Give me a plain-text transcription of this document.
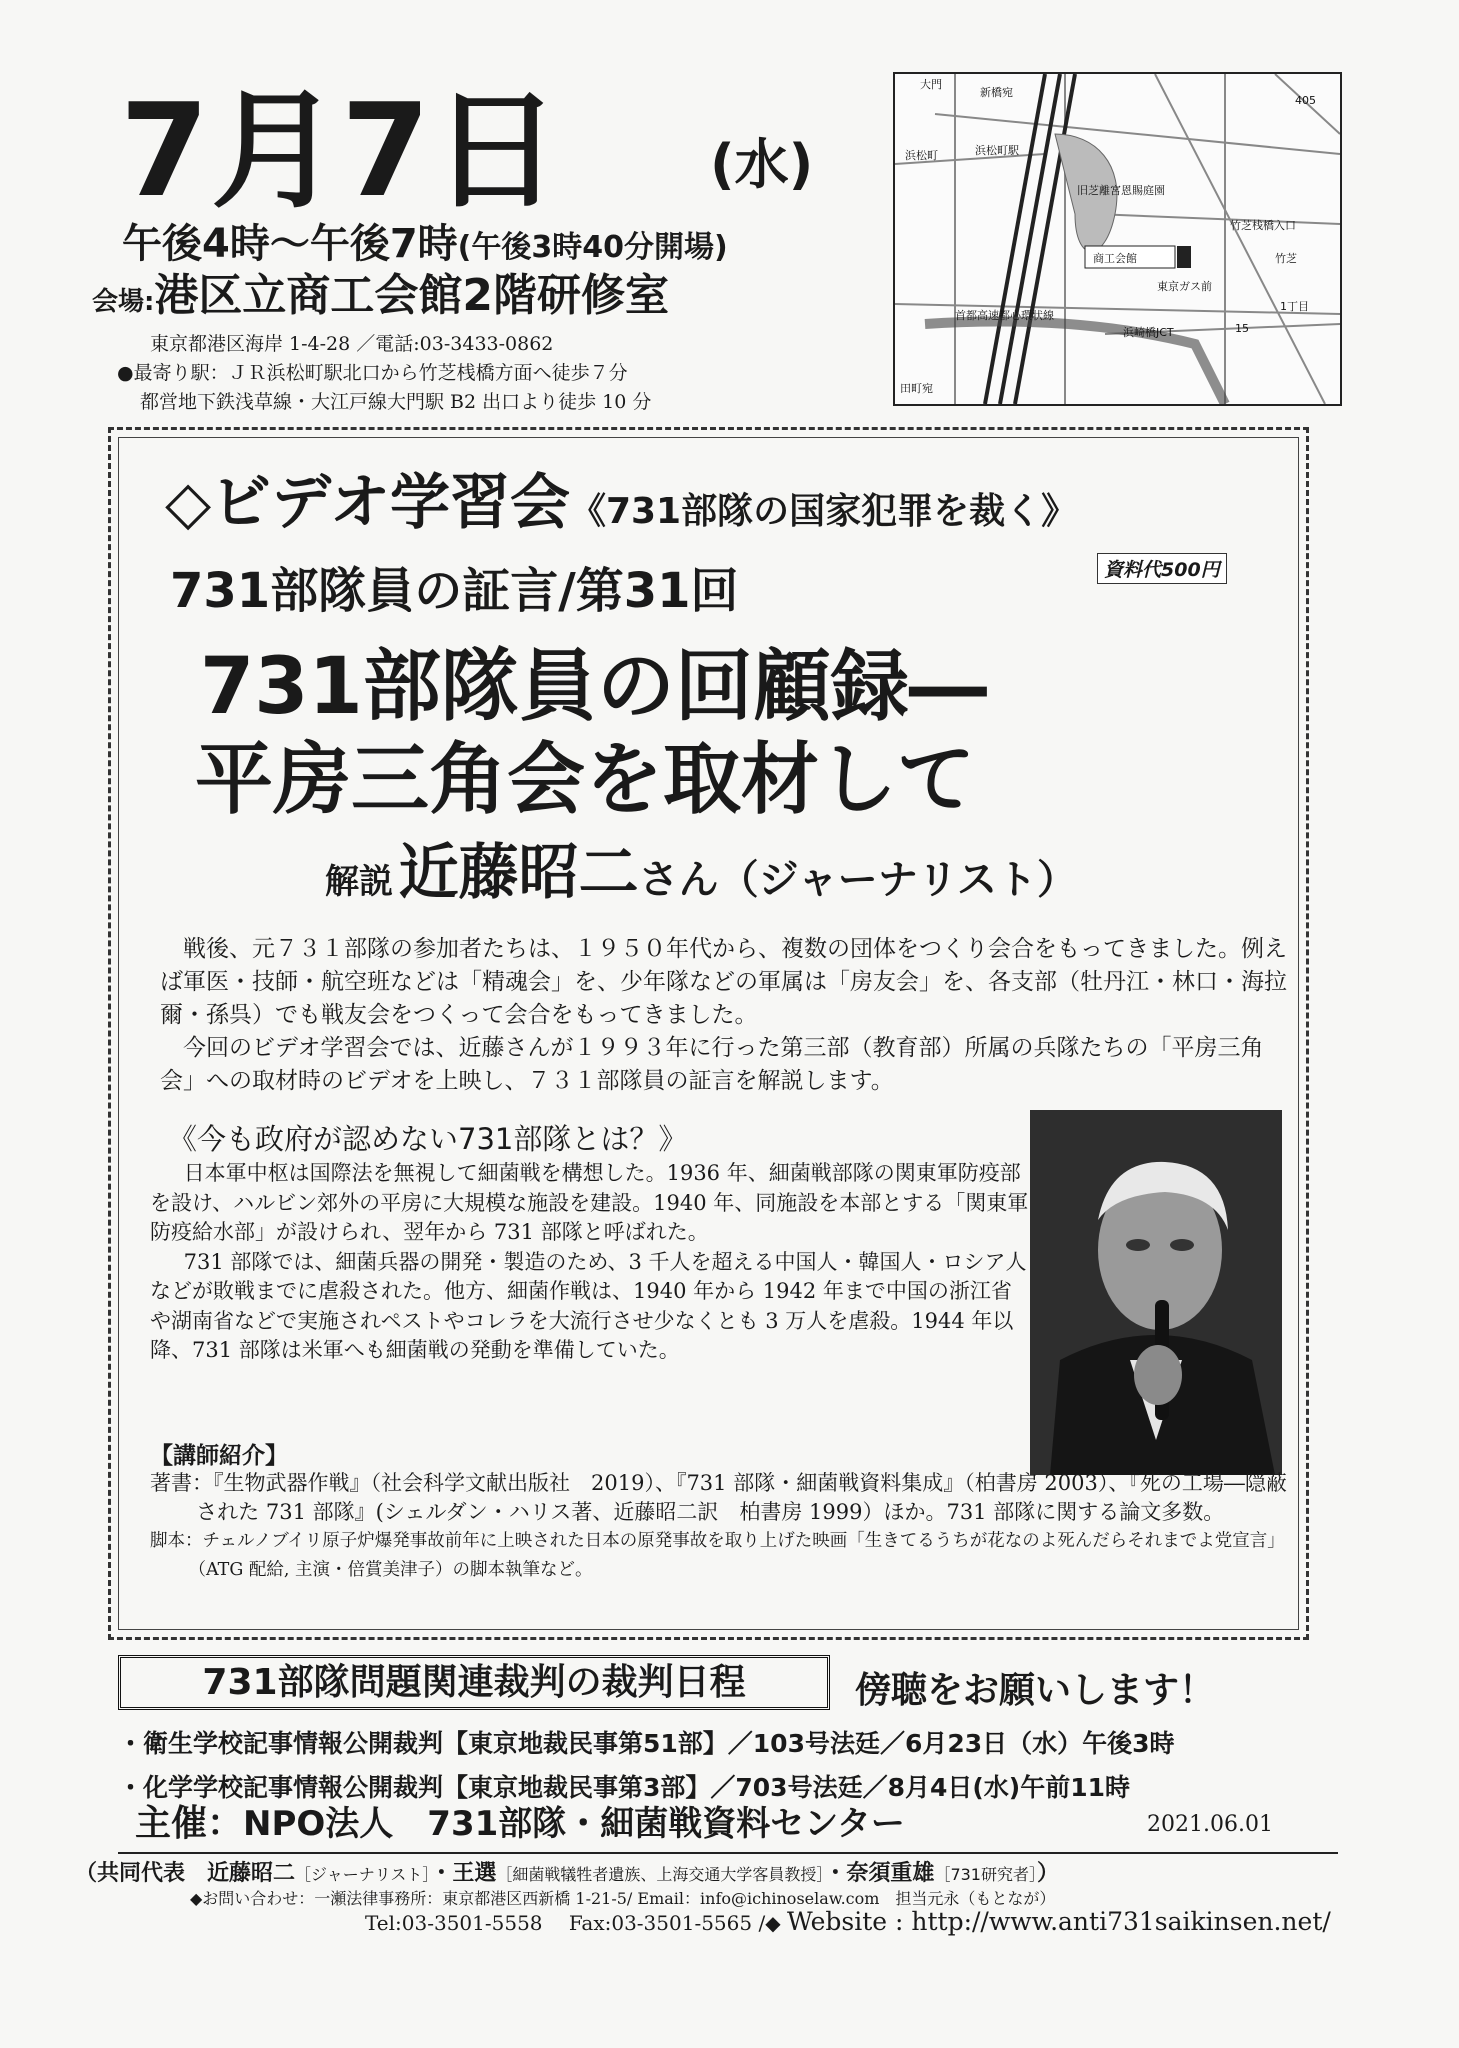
7月7日	(水)
午後4時～午後7時(午後3時40分開場)
会場:港区立商工会館2階研修室
東京都港区海岸 1-4-28 ／電話:03-3433-0862
●最寄り駅：ＪＲ浜松町駅北口から竹芝桟橋方面へ徒歩７分
都営地下鉄浅草線・大江戸線大門駅 B2 出口より徒歩 10 分
大門
新橋宛
浜松町	浜松町駅
旧芝離宮恩賜庭園
商工会館
竹芝栈橋入口
竹芝
東京ガス前
首都高速都心環状線
浜崎橋JCT
田町宛
1丁目
15
405
◇ビデオ学習会《731部隊の国家犯罪を裁く》
資料代500円
731部隊員の証言/第31回
731部隊員の回顧録―
平房三角会を取材して
解説 近藤昭二さん（ジャーナリスト）

戦後、元７３１部隊の参加者たちは、１９５０年代から、複数の団体をつくり会合をもってきました。例えば軍医・技師・航空班などは「精魂会」を、少年隊などの軍属は「房友会」を、各支部（牡丹江・林口・海拉爾・孫呉）でも戦友会をつくって会合をもってきました。

今回のビデオ学習会では、近藤さんが１９９３年に行った第三部（教育部）所属の兵隊たちの「平房三角会」への取材時のビデオを上映し、７３１部隊員の証言を解説します。

《今も政府が認めない731部隊とは？》

日本軍中枢は国際法を無視して細菌戦を構想した。1936 年、細菌戦部隊の関東軍防疫部を設け、ハルビン郊外の平房に大規模な施設を建設。1940 年、同施設を本部とする「関東軍防疫給水部」が設けられ、翌年から 731 部隊と呼ばれた。

731 部隊では、細菌兵器の開発・製造のため、3 千人を超える中国人・韓国人・ロシア人などが敗戦までに虐殺された。他方、細菌作戦は、1940 年から 1942 年まで中国の浙江省や湖南省などで実施されペストやコレラを大流行させ少なくとも 3 万人を虐殺。1944 年以降、731 部隊は米軍へも細菌戦の発動を準備していた。

【講師紹介】

著書：『生物武器作戦』（社会科学文献出版社　2019）、『731 部隊・細菌戦資料集成』（柏書房 2003）、『死の工場―隠蔽された 731 部隊』(シェルダン・ハリス著、近藤昭二訳　柏書房 1999）ほか。731 部隊に関する論文多数。

脚本：チェルノブイリ原子炉爆発事故前年に上映された日本の原発事故を取り上げた映画「生きてるうちが花なのよ死んだらそれまでよ党宣言」（ATG 配給, 主演・倍賞美津子）の脚本執筆など。

731部隊問題関連裁判の裁判日程	傍聴をお願いします！
・衛生学校記事情報公開裁判【東京地裁民事第51部】／103号法廷／6月23日（水）午後3時
・化学学校記事情報公開裁判【東京地裁民事第3部】／703号法廷／8月4日(水)午前11時
主催：NPO法人　731部隊・細菌戦資料センター	2021.06.01
（共同代表　近藤昭二［ジャーナリスト］・王選［細菌戦犠牲者遺族、上海交通大学客員教授］・奈須重雄［731研究者］）
◆お問い合わせ：一瀬法律事務所：東京都港区西新橋 1-21-5/ Email：info@ichinoselaw.com　担当元永（もとなが）
Tel:03-3501-5558　 Fax:03-3501-5565 /◆ Website : http://www.anti731saikinsen.net/
